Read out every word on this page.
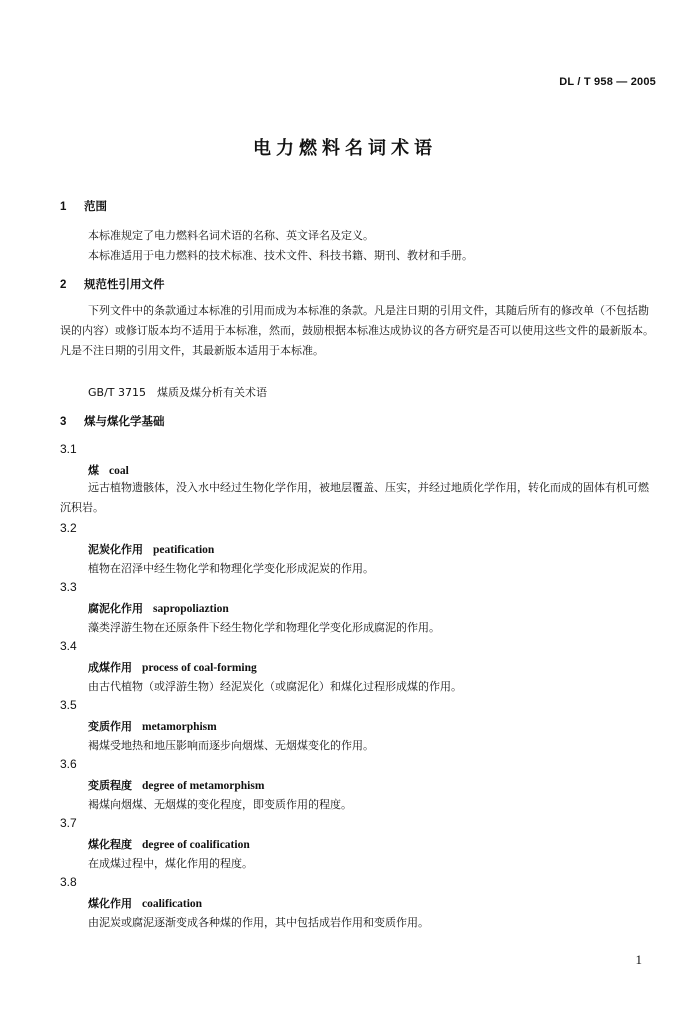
DL / T 958 — 2005
电力燃料名词术语
1 范围
本标准规定了电力燃料名词术语的名称、英文译名及定义。
本标准适用于电力燃料的技术标准、技术文件、科技书籍、期刊、教材和手册。
2 规范性引用文件
下列文件中的条款通过本标准的引用而成为本标准的条款。凡是注日期的引用文件，其随后所有的修改单（不包括勘误的内容）或修订版本均不适用于本标准，然而，鼓励根据本标准达成协议的各方研究是否可以使用这些文件的最新版本。凡是不注日期的引用文件，其最新版本适用于本标准。
GB/T 3715　煤质及煤分析有关术语
3 煤与煤化学基础
3.1
煤 coal
远古植物遗骸体，没入水中经过生物化学作用，被地层覆盖、压实，并经过地质化学作用，转化而成的固体有机可燃沉积岩。
3.2
泥炭化作用 peatification
植物在沼泽中经生物化学和物理化学变化形成泥炭的作用。
3.3
腐泥化作用 sapropoliaztion
藻类浮游生物在还原条件下经生物化学和物理化学变化形成腐泥的作用。
3.4
成煤作用 process of coal-forming
由古代植物（或浮游生物）经泥炭化（或腐泥化）和煤化过程形成煤的作用。
3.5
变质作用 metamorphism
褐煤受地热和地压影响而逐步向烟煤、无烟煤变化的作用。
3.6
变质程度 degree of metamorphism
褐煤向烟煤、无烟煤的变化程度，即变质作用的程度。
3.7
煤化程度 degree of coalification
在成煤过程中，煤化作用的程度。
3.8
煤化作用 coalification
由泥炭或腐泥逐渐变成各种煤的作用，其中包括成岩作用和变质作用。
1
